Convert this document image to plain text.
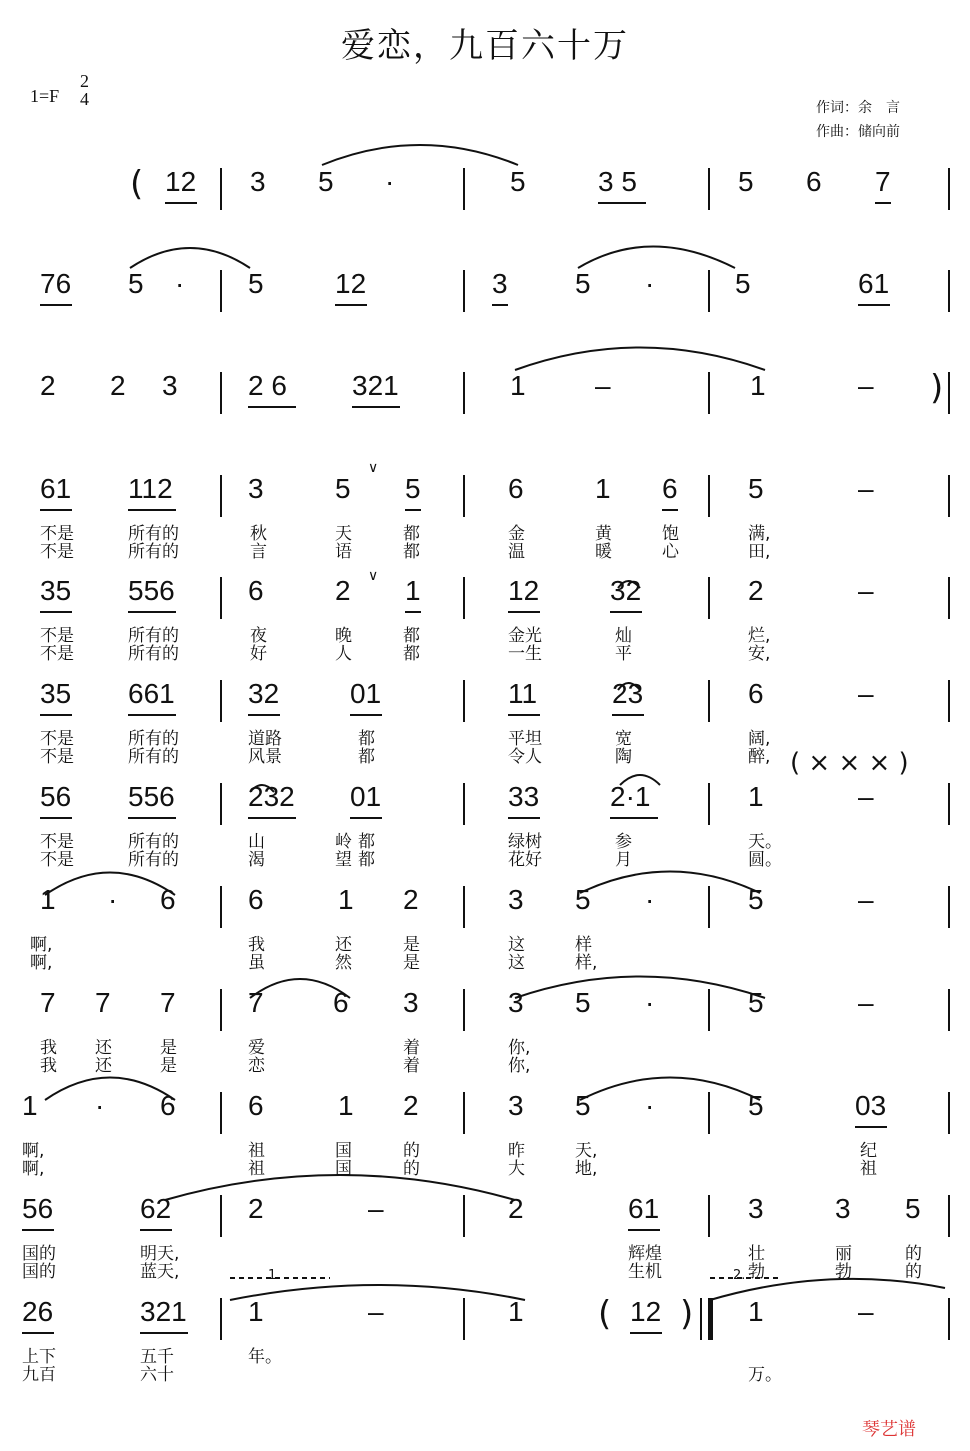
爱恋，九百六十万
1=F
2
4	作词：余　言
作曲：储向前
( 12 3 5 ·	5	3 5	5 6 7
76 5 · 5	12	3 5 ·	5	61
2 2 3	2 6 321	1 –	1	– )
61 112	3	5 5	6	1 6	5	–
35 556	6	2 1	12	32	2	–
35 661	32	01	11	23	6	–
56 556	232 01	33	2·1	1	–
1 · 6	6	1 2	3 5 ·	5	–
7 7 7	7 6 3	3 5 ·	5	–
1 · 6	6	1 2	3 5 ·	5	03
56	62	2	–	2	61	3	3 5
26	321 1	–	1 ( 12 ) 1	–
不是	所有的	秋	天	都	金	黄	饱	满,
不是	所有的	言	语	都	温	暖	心	田,
不是	所有的	夜	晚	都	金光	灿	烂,
不是	所有的	好	人	都	一生	平	安,
不是	所有的	道路	都	平坦	宽	阔,
不是	所有的	风景	都	令人	陶	醉,
不是	所有的	山	岭 都	绿树	参	天。
不是	所有的	渴	望 都	花好	月	圆。
啊,	我	还	是	这	样
啊,	虽	然	是	这	样,
我 还	是	爱	着	你,
我 还	是	恋	着	你,
啊,	祖	国	的	昨	天,	纪
啊,	祖	国	的	大	地,	祖
国的	明天,	辉煌	壮	丽	的
国的	蓝天,	生机	勃	勃	的
上下	五千	年。
九百	六十	万。
∨
∨
1.	2.
( × × × )
琴艺谱
